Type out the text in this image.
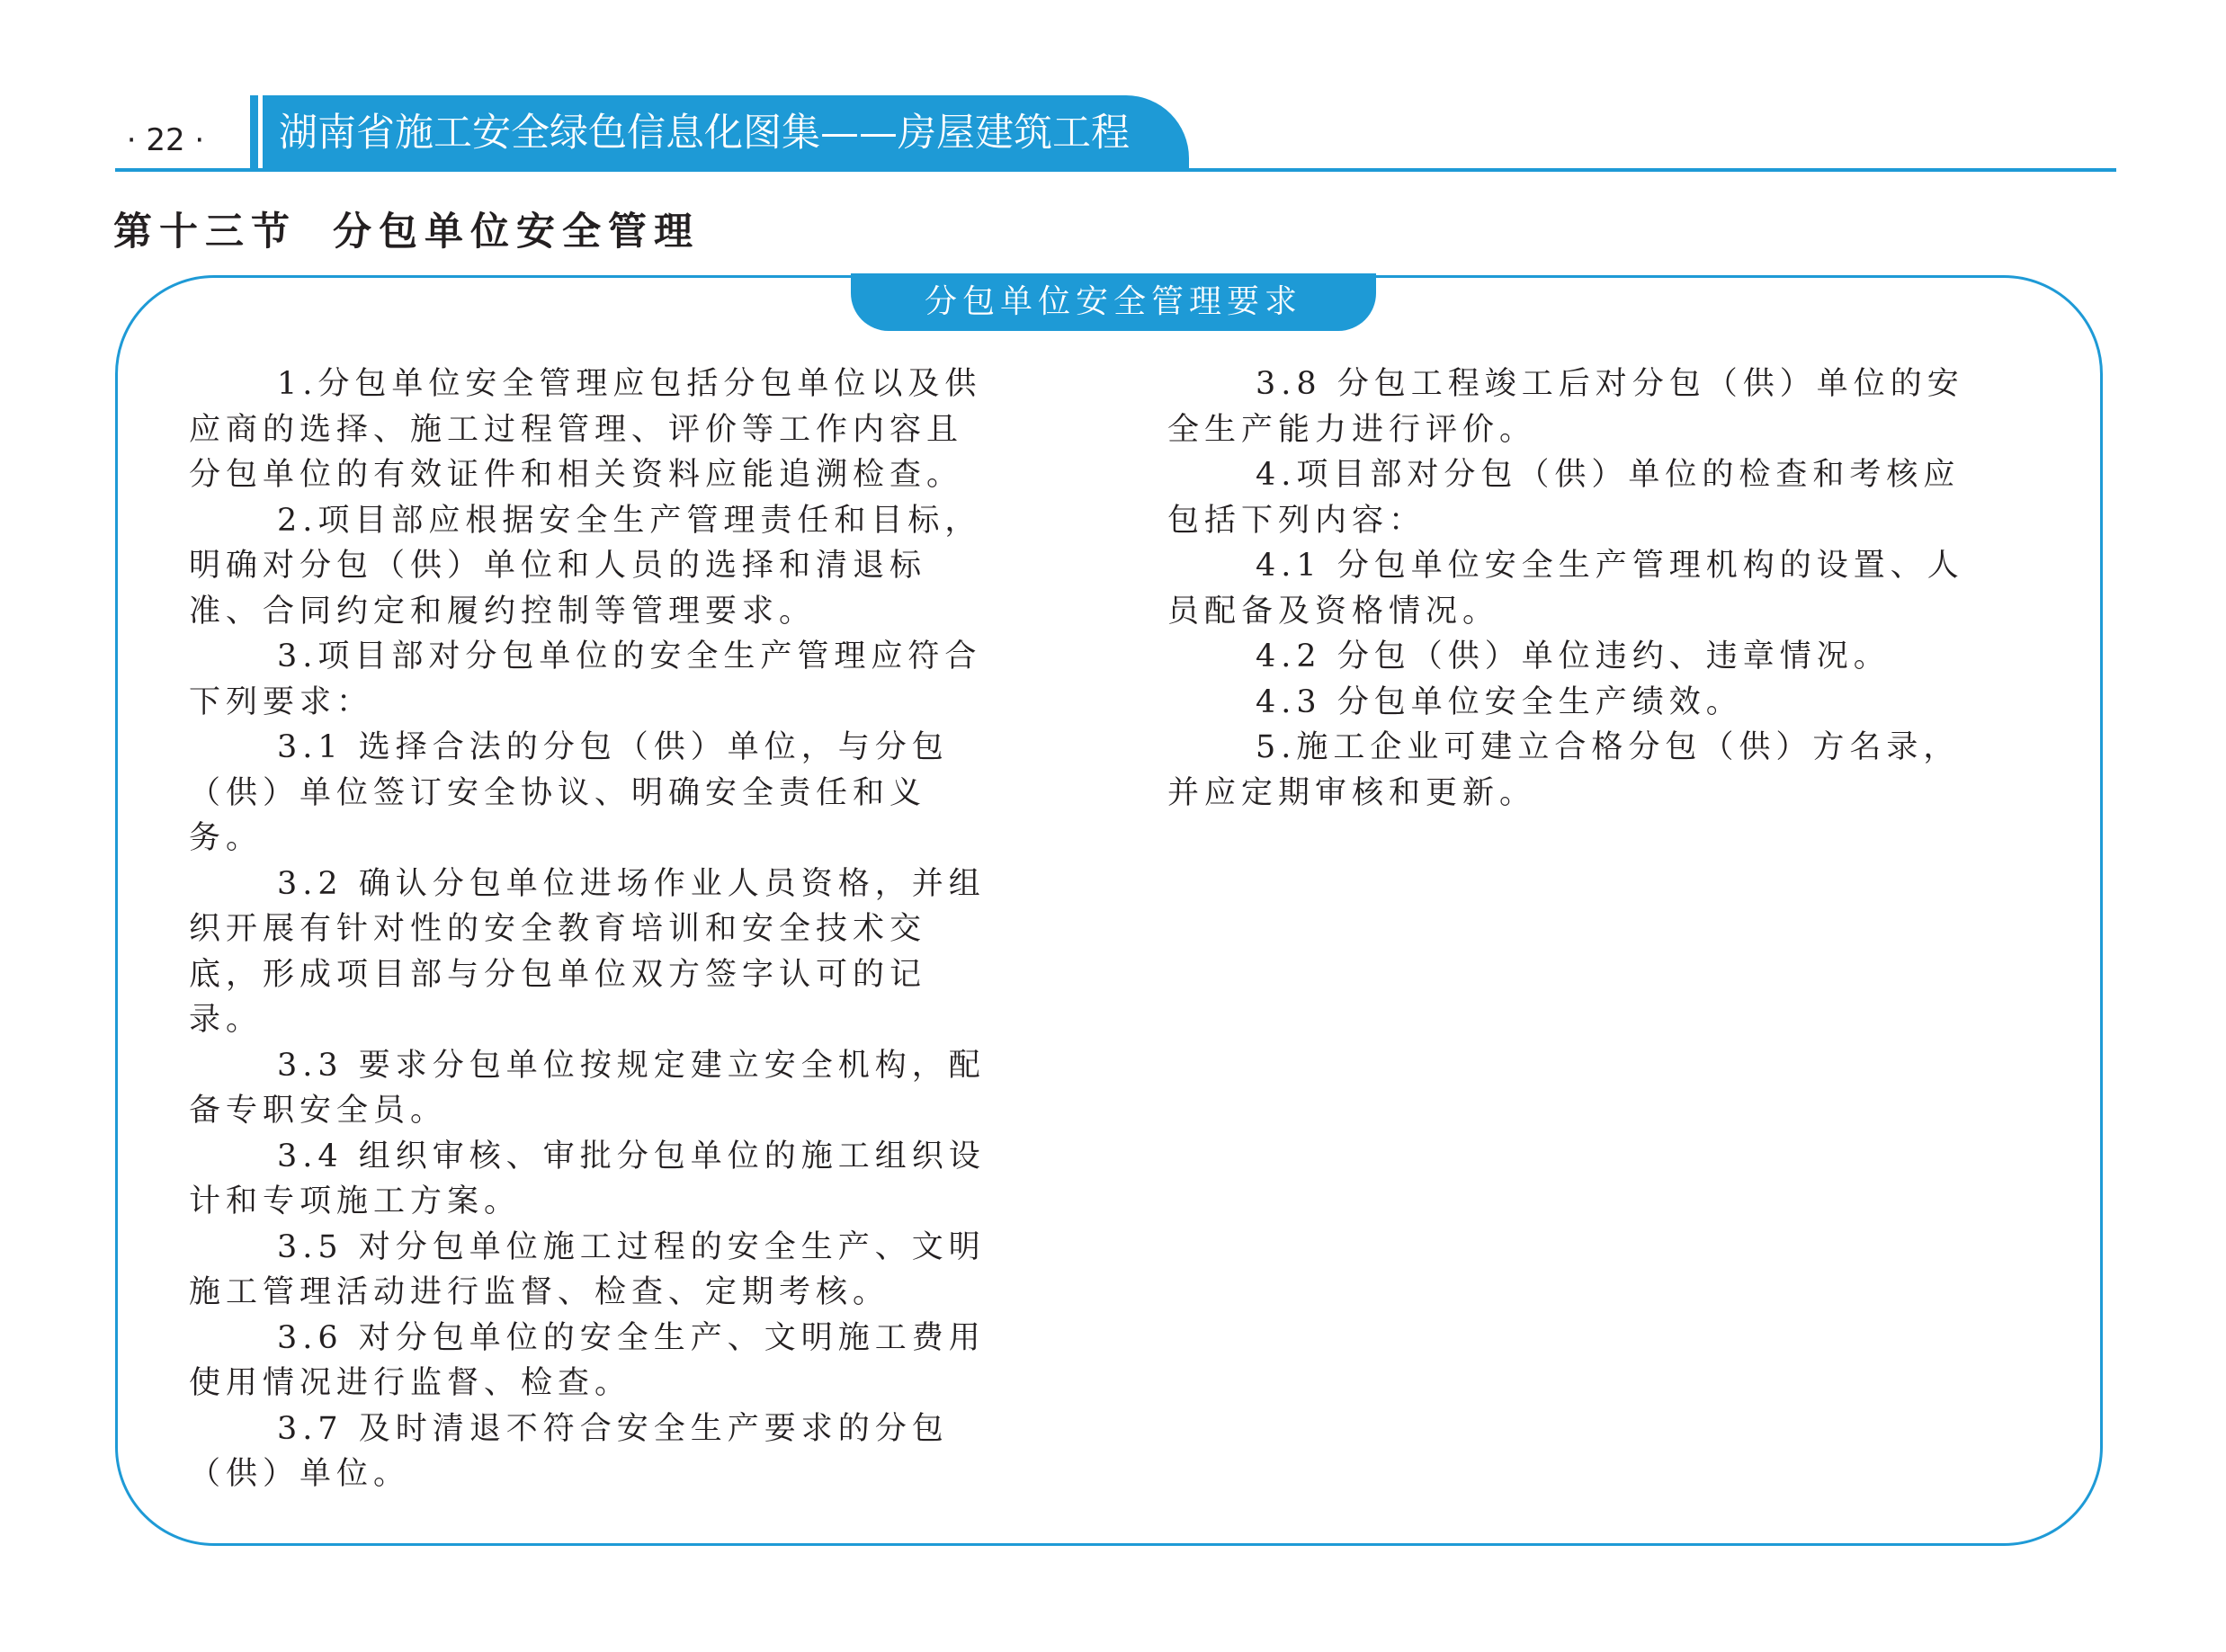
· 22 · 湖南省施工安全绿色信息化图集——房屋建筑工程
第十三节 分包单位安全管理
分包单位安全管理要求
1.分包单位安全管理应包括分包单位以及供
应商的选择、施工过程管理、评价等工作内容且
分包单位的有效证件和相关资料应能追溯检查。
2.项目部应根据安全生产管理责任和目标，
明确对分包（供）单位和人员的选择和清退标
准、合同约定和履约控制等管理要求。
3.项目部对分包单位的安全生产管理应符合
下列要求：
3.1 选择合法的分包（供）单位，与分包
（供）单位签订安全协议、明确安全责任和义
务。
3.2 确认分包单位进场作业人员资格，并组
织开展有针对性的安全教育培训和安全技术交
底，形成项目部与分包单位双方签字认可的记
录。
3.3 要求分包单位按规定建立安全机构，配
备专职安全员。
3.4 组织审核、审批分包单位的施工组织设
计和专项施工方案。
3.5 对分包单位施工过程的安全生产、文明
施工管理活动进行监督、检查、定期考核。
3.6 对分包单位的安全生产、文明施工费用
使用情况进行监督、检查。
3.7 及时清退不符合安全生产要求的分包
（供）单位。
3.8 分包工程竣工后对分包（供）单位的安
全生产能力进行评价。
4.项目部对分包（供）单位的检查和考核应
包括下列内容：
4.1 分包单位安全生产管理机构的设置、人
员配备及资格情况。
4.2 分包（供）单位违约、违章情况。
4.3 分包单位安全生产绩效。
5.施工企业可建立合格分包（供）方名录，
并应定期审核和更新。
